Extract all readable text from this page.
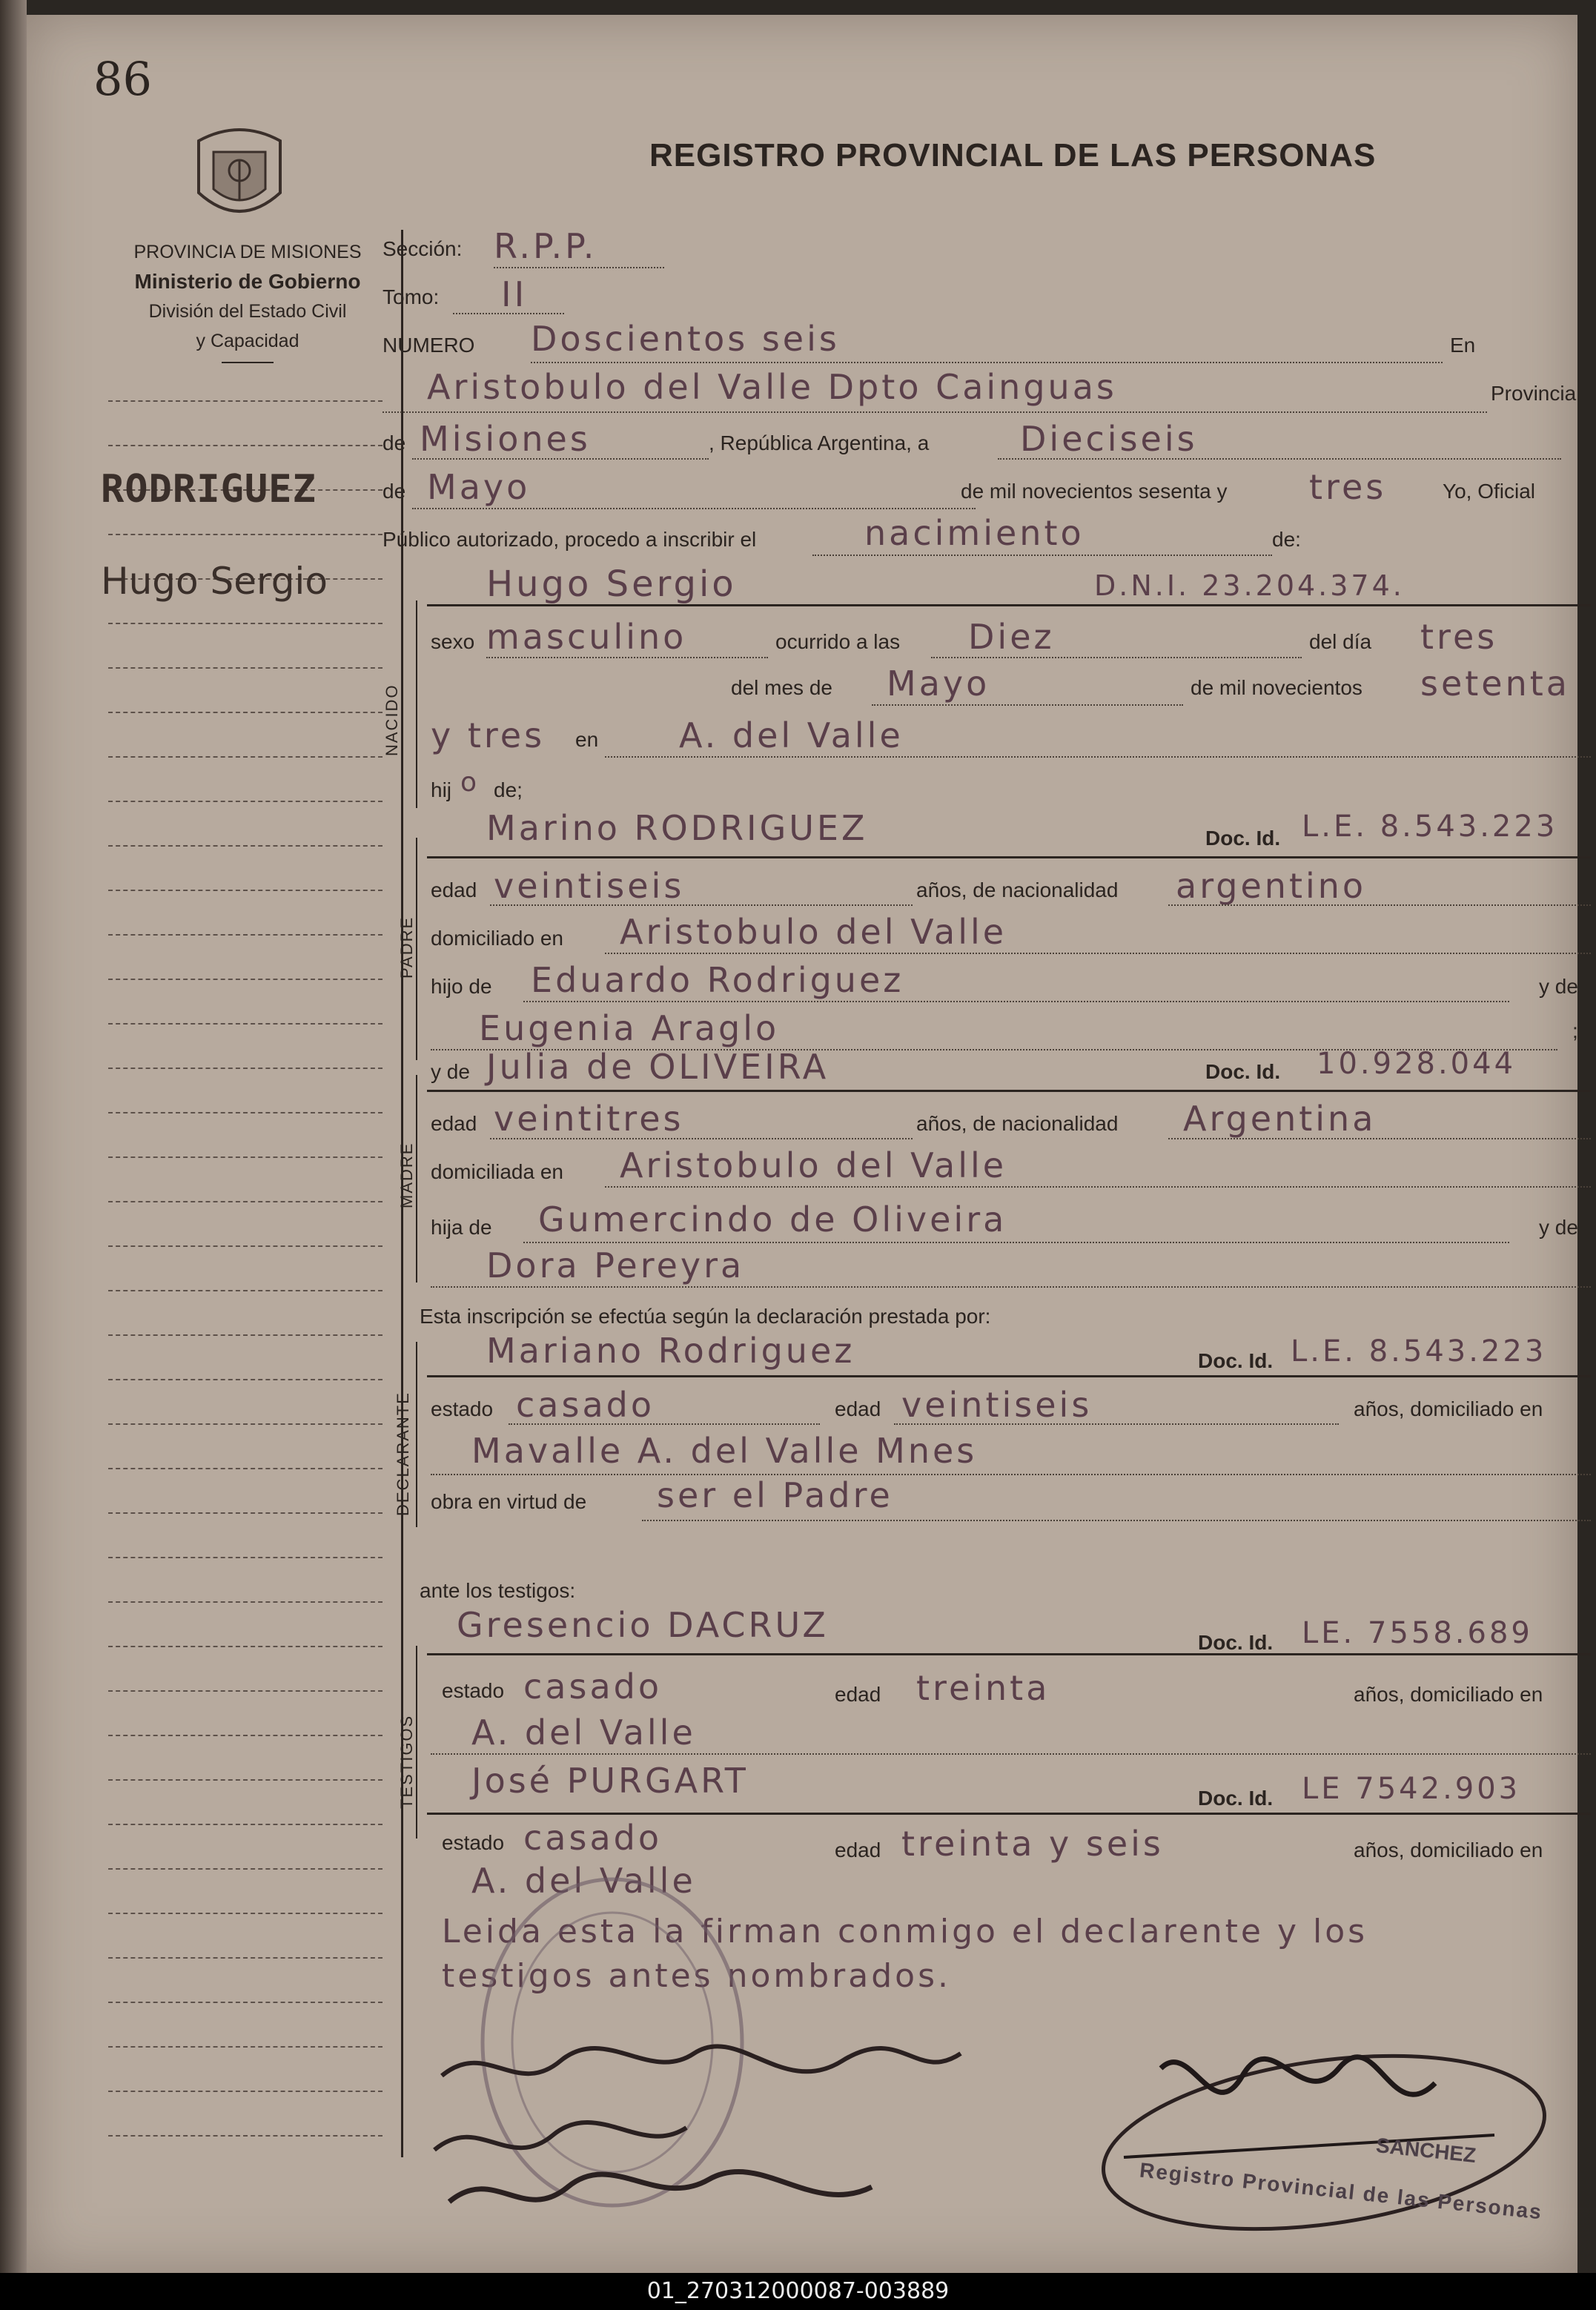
86
REGISTRO PROVINCIAL DE LAS PERSONAS
PROVINCIA DE MISIONES
Ministerio de Gobierno
División del Estado Civil
y Capacidad
RODRIGUEZ
Hugo Sergio
Sección: R.P.P.
Tomo: II
NUMERO Doscientos seis	En
Aristobulo del Valle Dpto Cainguas	Provincia
de Misiones	, República Argentina, a	Dieciseis
de Mayo	de mil novecientos sesenta y tres	Yo, Oficial
Público autorizado, procedo a inscribir el	nacimiento	de:
NACIDO
Hugo Sergio	D.N.I. 23.204.374.
sexo masculino	ocurrido a las Diez	del día tres
del mes de Mayo	de mil novecientos setenta
y tres en A. del Valle
hij o de;
PADRE
Marino RODRIGUEZ	Doc. Id. L.E. 8.543.223
edad veintiseis	años, de nacionalidad argentino
domiciliado en Aristobulo del Valle
hijo de Eduardo Rodriguez	y de
Eugenia Araglo	;
MADRE
y de Julia de OLIVEIRA	Doc. Id. 10.928.044
edad veintitres	años, de nacionalidad Argentina
domiciliada en Aristobulo del Valle
hija de Gumercindo de Oliveira	y de
Dora Pereyra
Esta inscripción se efectúa según la declaración prestada por:
DECLARANTE
Mariano Rodriguez	Doc. Id. L.E. 8.543.223
estado casado	edad veintiseis	años, domiciliado en
Mavalle A. del Valle Mnes
obra en virtud de ser el Padre
ante los testigos:
TESTIGOS
Gresencio DACRUZ	Doc. Id. LE. 7558.689
estado casado	edad treinta	años, domiciliado en
A. del Valle
José PURGART	Doc. Id. LE 7542.903
estado casado	edad treinta y seis	años, domiciliado en
A. del Valle
Leida esta la firman conmigo el declarente y los
testigos antes nombrados.
Registro Provincial de las Personas
SANCHEZ
01_270312000087-003889
